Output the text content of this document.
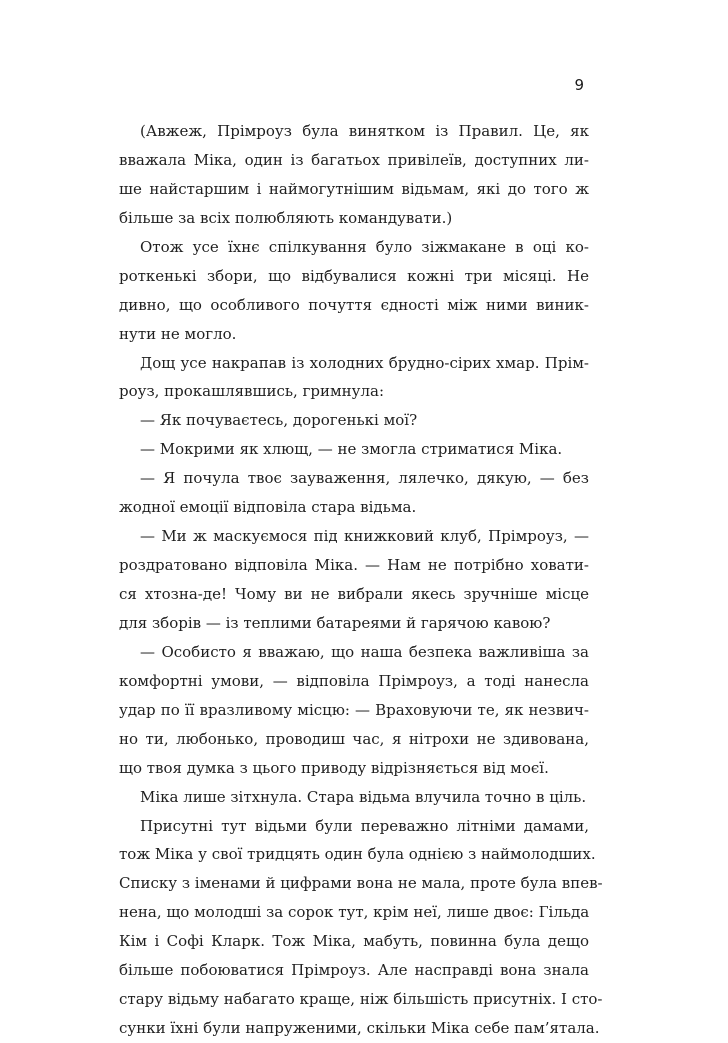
9
(Авжеж, Прімроуз була винятком із Правил. Це, як
вважала Міка, один із багатьох привілеїв, доступних ли-
ше найстаршим і наймогутнішим відьмам, які до того ж
більше за всіх полюбляють командувати.)
Отож усе їхнє спілкування було зіжмакане в оці ко-
роткенькі збори, що відбувалися кожні три місяці. Не
дивно, що особливого почуття єдності між ними виник-
нути не могло.
Дощ усе накрапав із холодних брудно-сірих хмар. Прім-
роуз, прокашлявшись, гримнула:
— Як почуваєтесь, дорогенькі мої?
— Мокрими як хлющ, — не змогла стриматися Міка.
— Я почула твоє зауваження, лялечко, дякую, — без
жодної емоції відповіла стара відьма.
— Ми ж маскуємося під книжковий клуб, Прімроуз, —
роздратовано відповіла Міка. — Нам не потрібно ховати-
ся хтозна-де! Чому ви не вибрали якесь зручніше місце
для зборів — із теплими батареями й гарячою кавою?
— Особисто я вважаю, що наша безпека важливіша за
комфортні умови, — відповіла Прімроуз, а тоді нанесла
удар по її вразливому місцю: — Враховуючи те, як незвич-
но ти, любонько, проводиш час, я нітрохи не здивована,
що твоя думка з цього приводу відрізняється від моєї.
Міка лише зітхнула. Стара відьма влучила точно в ціль.
Присутні тут відьми були переважно літніми дамами,
тож Міка у свої тридцять один була однією з наймолодших.
Списку з іменами й цифрами вона не мала, проте була впев-
нена, що молодші за сорок тут, крім неї, лише двоє: Гільда
Кім і Софі Кларк. Тож Міка, мабуть, повинна була дещо
більше побоюватися Прімроуз. Але насправді вона знала
стару відьму набагато краще, ніж більшість присутніх. І сто-
сунки їхні були напруженими, скільки Міка себе пам’ятала.
